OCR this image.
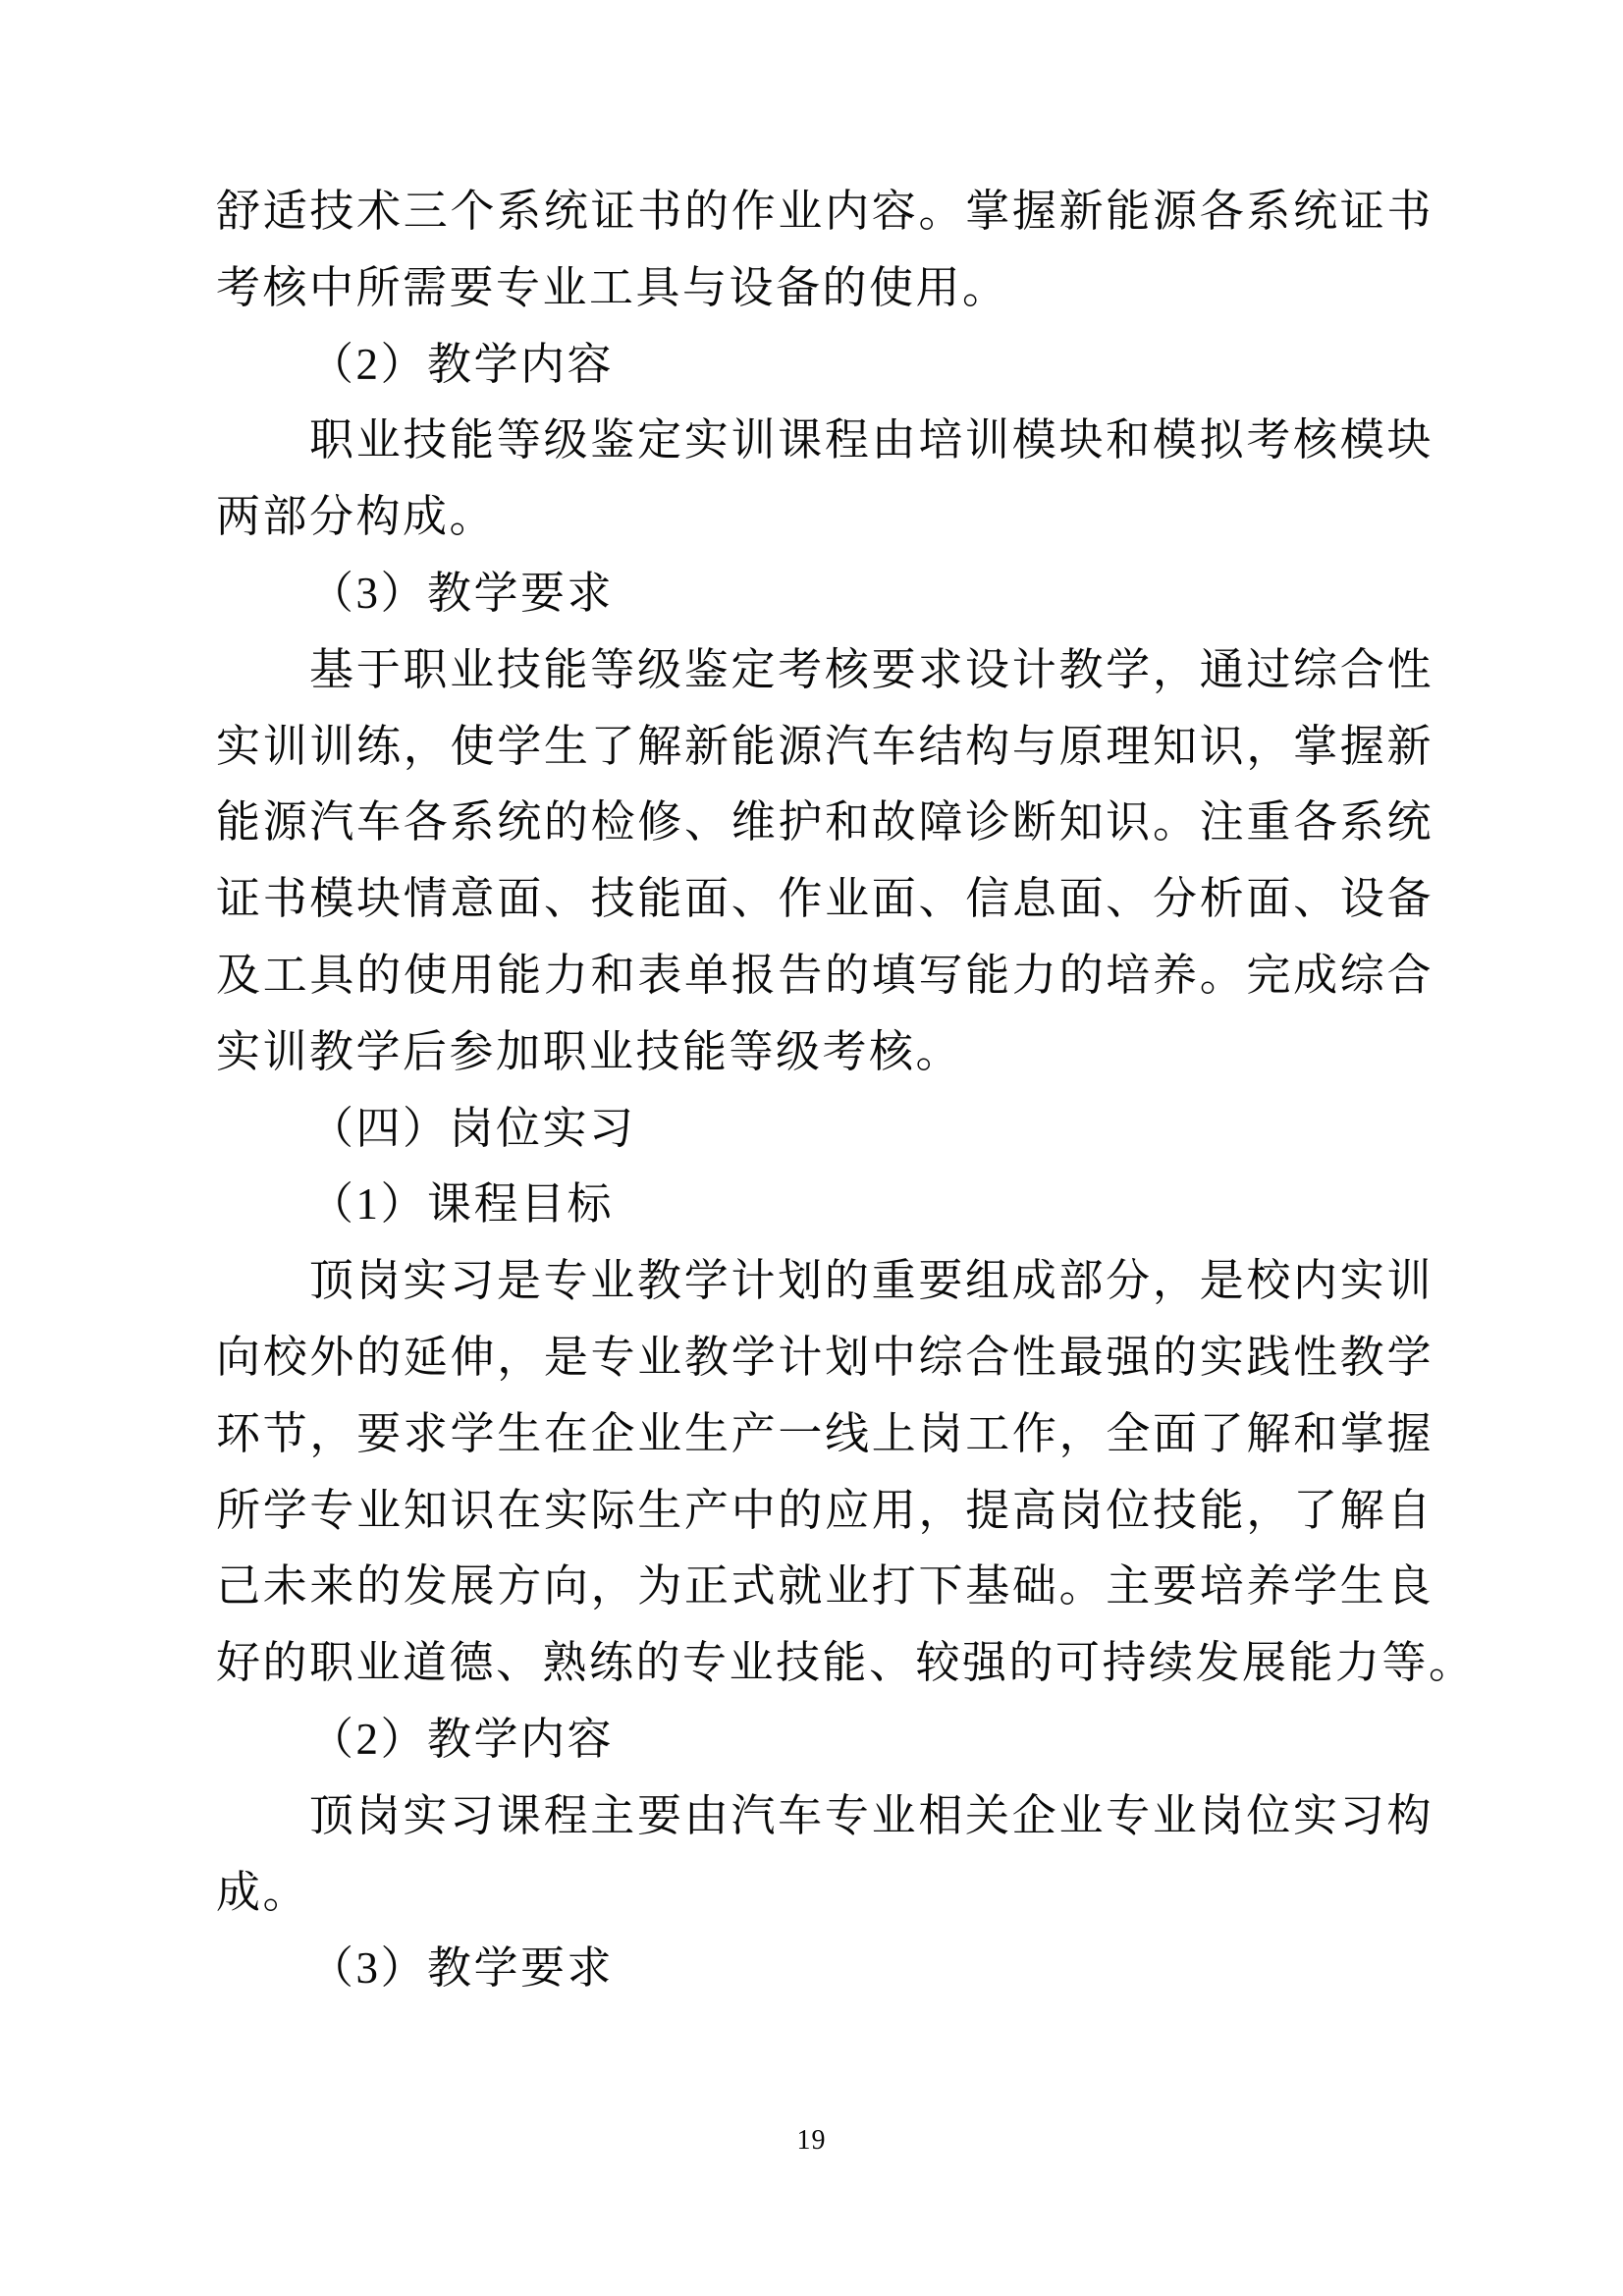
舒适技术三个系统证书的作业内容。掌握新能源各系统证书
考核中所需要专业工具与设备的使用。
（2）教学内容
职业技能等级鉴定实训课程由培训模块和模拟考核模块
两部分构成。
（3）教学要求
基于职业技能等级鉴定考核要求设计教学，通过综合性
实训训练，使学生了解新能源汽车结构与原理知识，掌握新
能源汽车各系统的检修、维护和故障诊断知识。注重各系统
证书模块情意面、技能面、作业面、信息面、分析面、设备
及工具的使用能力和表单报告的填写能力的培养。完成综合
实训教学后参加职业技能等级考核。
（四）岗位实习
（1）课程目标
顶岗实习是专业教学计划的重要组成部分，是校内实训
向校外的延伸，是专业教学计划中综合性最强的实践性教学
环节，要求学生在企业生产一线上岗工作，全面了解和掌握
所学专业知识在实际生产中的应用，提高岗位技能，了解自
己未来的发展方向，为正式就业打下基础。主要培养学生良
好的职业道德、熟练的专业技能、较强的可持续发展能力等。
（2）教学内容
顶岗实习课程主要由汽车专业相关企业专业岗位实习构
成。
（3）教学要求
19
